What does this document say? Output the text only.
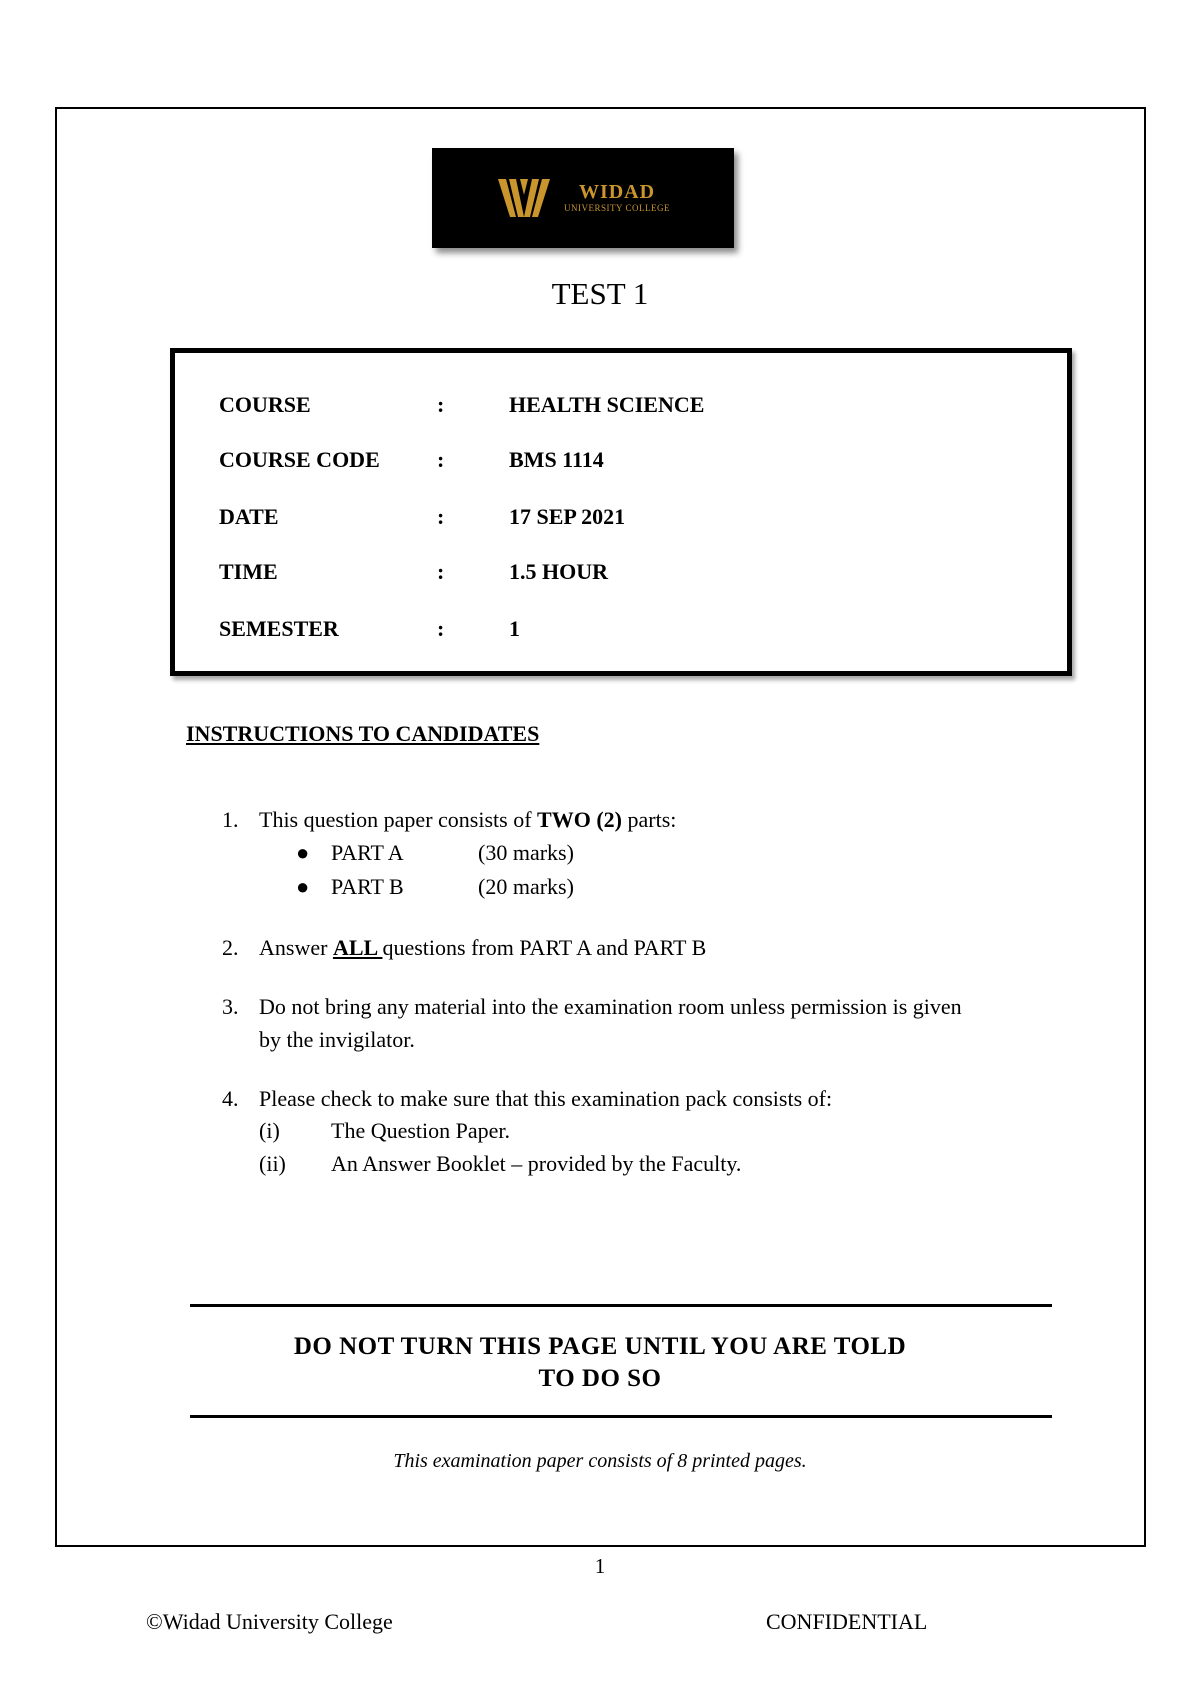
WIDAD
UNIVERSITY COLLEGE
TEST 1
COURSE	:	HEALTH SCIENCE
COURSE CODE	:	BMS 1114
DATE	:	17 SEP 2021
TIME	:	1.5 HOUR
SEMESTER	:	1
INSTRUCTIONS TO CANDIDATES
1. This question paper consists of TWO (2) parts:
● PART A	(30 marks)
● PART B	(20 marks)
2. Answer ALL questions from PART A and PART B
3. Do not bring any material into the examination room unless permission is given
by the invigilator.
4. Please check to make sure that this examination pack consists of:
(i) The Question Paper.
(ii) An Answer Booklet – provided by the Faculty.
DO NOT TURN THIS PAGE UNTIL YOU ARE TOLD
TO DO SO
This examination paper consists of 8 printed pages.
1
©Widad University College	CONFIDENTIAL
